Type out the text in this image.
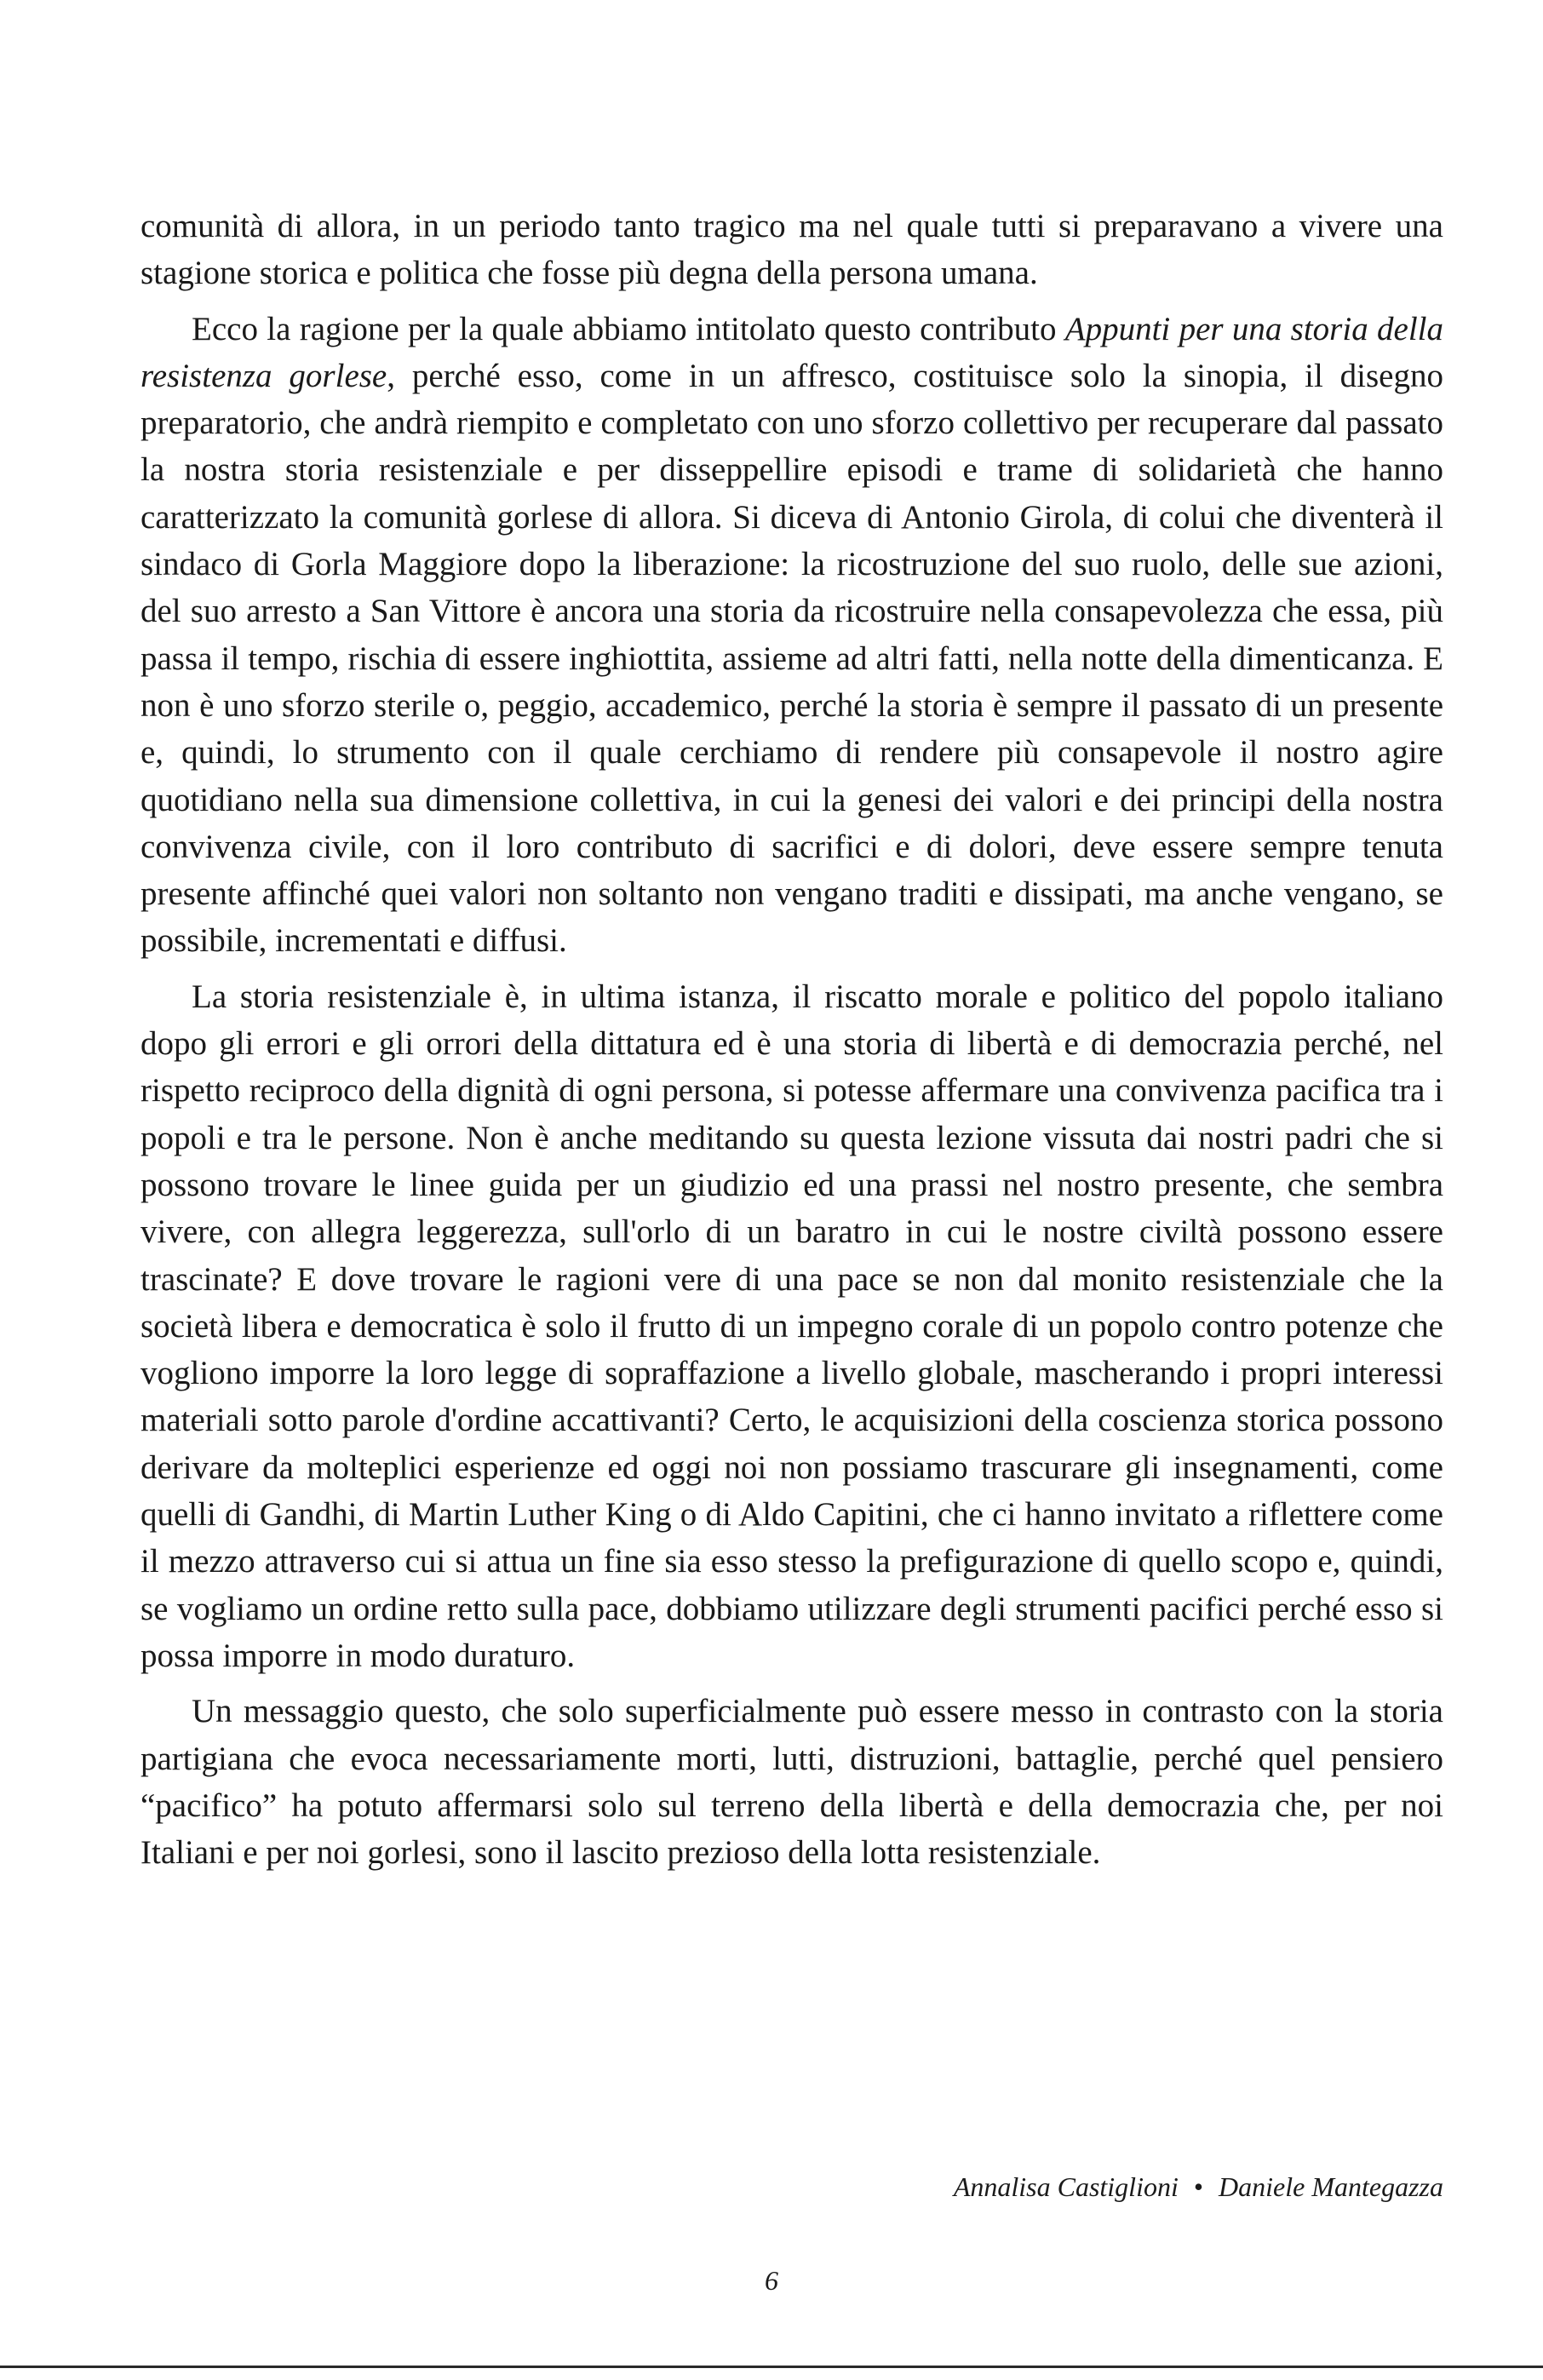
comunità di allora, in un periodo tanto tragico ma nel quale tutti si preparavano a vivere una stagione storica e politica che fosse più degna della persona umana.

Ecco la ragione per la quale abbiamo intitolato questo contributo Appunti per una storia della resistenza gorlese, perché esso, come in un affresco, costituisce solo la sinopia, il disegno preparatorio, che andrà riempito e completato con uno sforzo collettivo per recuperare dal passato la nostra storia resistenziale e per disseppellire episodi e trame di solidarietà che hanno caratterizzato la comunità gorlese di allora. Si diceva di Antonio Girola, di colui che diventerà il sindaco di Gorla Maggiore dopo la liberazione: la ricostruzione del suo ruolo, delle sue azioni, del suo arresto a San Vittore è ancora una storia da ricostruire nella consapevolezza che essa, più passa il tempo, rischia di essere inghiottita, assieme ad altri fatti, nella notte della dimenticanza. E non è uno sforzo sterile o, peggio, accademico, perché la storia è sempre il passato di un presente e, quindi, lo strumento con il quale cerchiamo di rendere più consapevole il nostro agire quotidiano nella sua dimensione collettiva, in cui la genesi dei valori e dei principi della nostra convivenza civile, con il loro contributo di sacrifici e di dolori, deve essere sempre tenuta presente affinché quei valori non soltanto non vengano traditi e dissipati, ma anche vengano, se possibile, incrementati e diffusi.

La storia resistenziale è, in ultima istanza, il riscatto morale e politico del popolo italiano dopo gli errori e gli orrori della dittatura ed è una storia di libertà e di democrazia perché, nel rispetto reciproco della dignità di ogni persona, si potesse affermare una convivenza pacifica tra i popoli e tra le persone. Non è anche meditando su questa lezione vissuta dai nostri padri che si possono trovare le linee guida per un giudizio ed una prassi nel nostro presente, che sembra vivere, con allegra leggerezza, sull'orlo di un baratro in cui le nostre civiltà possono essere trascinate? E dove trovare le ragioni vere di una pace se non dal monito resistenziale che la società libera e democratica è solo il frutto di un impegno corale di un popolo contro potenze che vogliono imporre la loro legge di sopraffazione a livello globale, mascherando i propri interessi materiali sotto parole d'ordine accattivanti? Certo, le acquisizioni della coscienza storica possono derivare da molteplici esperienze ed oggi noi non possiamo trascurare gli insegnamenti, come quelli di Gandhi, di Martin Luther King o di Aldo Capitini, che ci hanno invitato a riflettere come il mezzo attraverso cui si attua un fine sia esso stesso la prefigurazione di quello scopo e, quindi, se vogliamo un ordine retto sulla pace, dobbiamo utilizzare degli strumenti pacifici perché esso si possa imporre in modo duraturo.

Un messaggio questo, che solo superficialmente può essere messo in contrasto con la storia partigiana che evoca necessariamente morti, lutti, distruzioni, battaglie, perché quel pensiero “pacifico” ha potuto affermarsi solo sul terreno della libertà e della democrazia che, per noi Italiani e per noi gorlesi, sono il lascito prezioso della lotta resistenziale.

Annalisa Castiglioni • Daniele Mantegazza
6
